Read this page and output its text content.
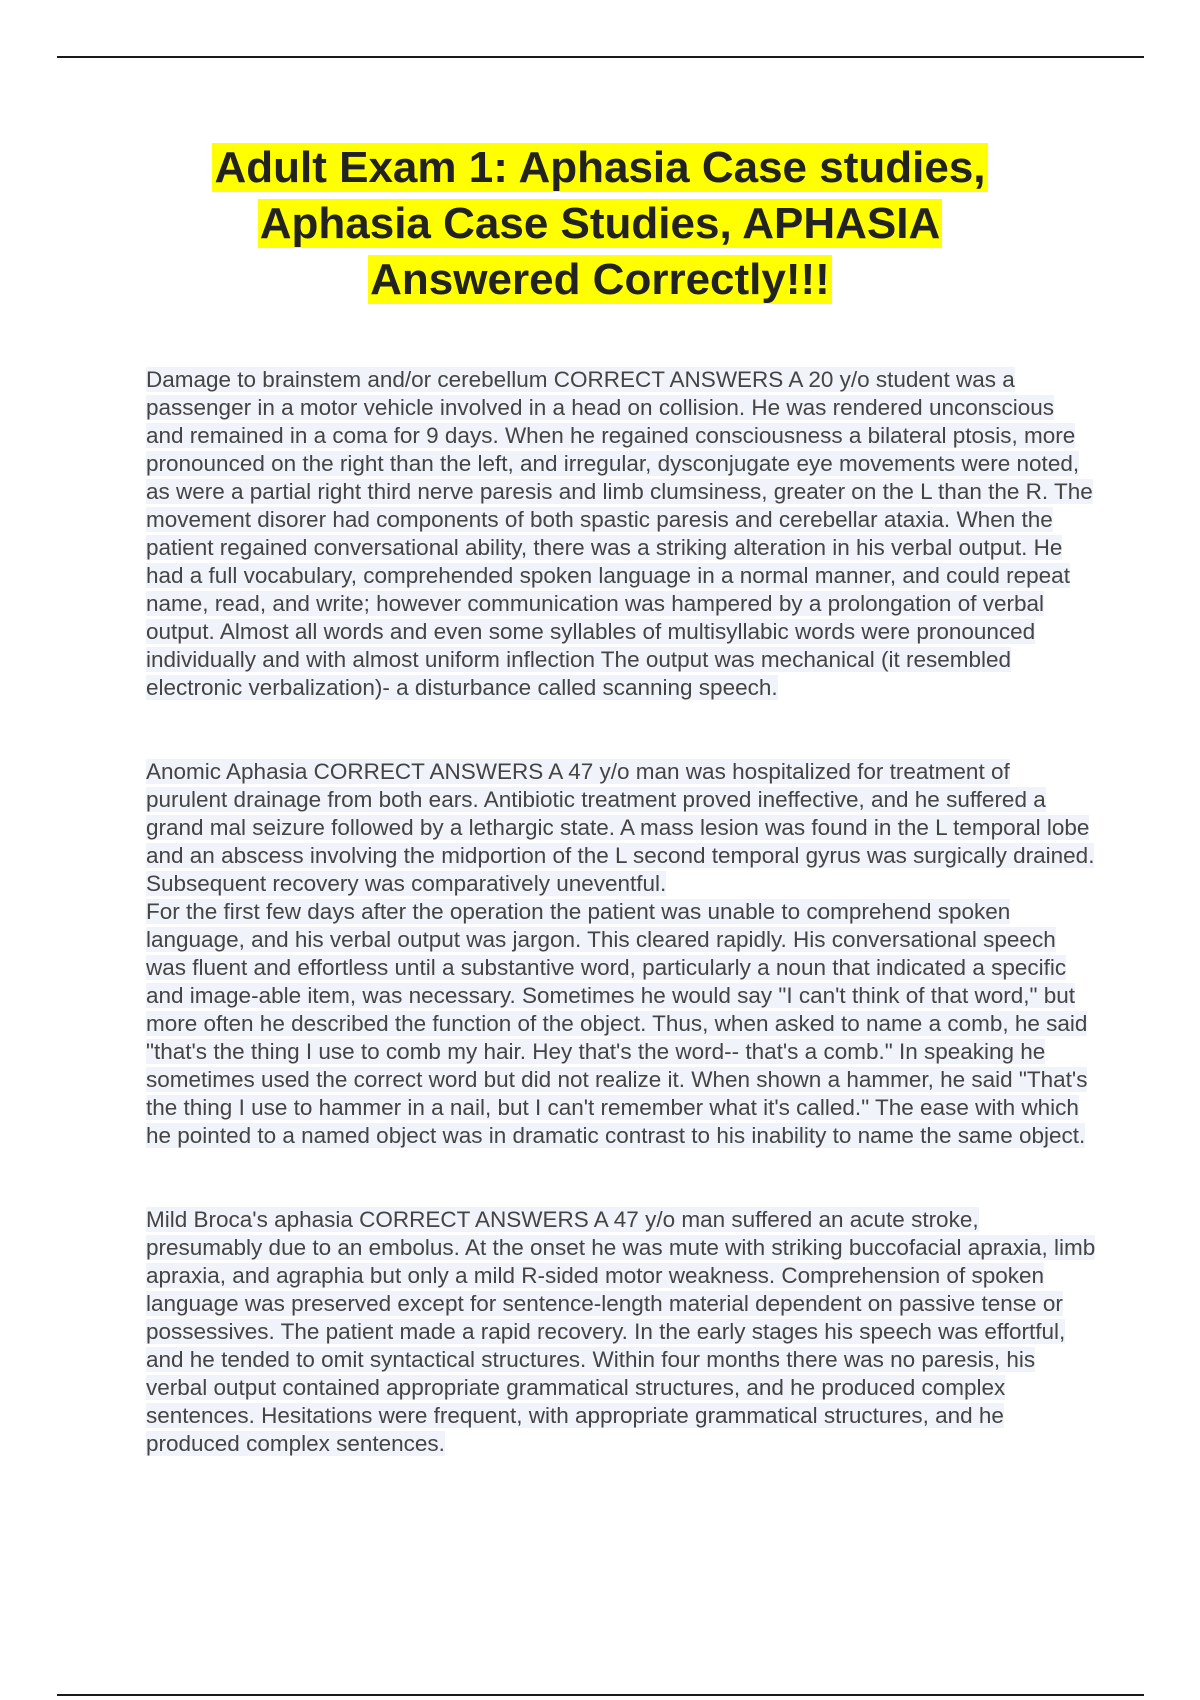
Adult Exam 1: Aphasia Case studies,
Aphasia Case Studies, APHASIA
Answered Correctly!!!

Damage to brainstem and/or cerebellum CORRECT ANSWERS A 20 y/o student was a passenger in a motor vehicle involved in a head on collision. He was rendered unconscious and remained in a coma for 9 days. When he regained consciousness a bilateral ptosis, more pronounced on the right than the left, and irregular, dysconjugate eye movements were noted, as were a partial right third nerve paresis and limb clumsiness, greater on the L than the R. The movement disorer had components of both spastic paresis and cerebellar ataxia. When the patient regained conversational ability, there was a striking alteration in his verbal output. He had a full vocabulary, comprehended spoken language in a normal manner, and could repeat name, read, and write; however communication was hampered by a prolongation of verbal output. Almost all words and even some syllables of multisyllabic words were pronounced individually and with almost uniform inflection The output was mechanical (it resembled electronic verbalization)- a disturbance called scanning speech.

Anomic Aphasia CORRECT ANSWERS A 47 y/o man was hospitalized for treatment of purulent drainage from both ears. Antibiotic treatment proved ineffective, and he suffered a grand mal seizure followed by a lethargic state. A mass lesion was found in the L temporal lobe and an abscess involving the midportion of the L second temporal gyrus was surgically drained. Subsequent recovery was comparatively uneventful.
For the first few days after the operation the patient was unable to comprehend spoken language, and his verbal output was jargon. This cleared rapidly. His conversational speech was fluent and effortless until a substantive word, particularly a noun that indicated a specific and image-able item, was necessary. Sometimes he would say "I can't think of that word," but more often he described the function of the object. Thus, when asked to name a comb, he said "that's the thing I use to comb my hair. Hey that's the word-- that's a comb." In speaking he sometimes used the correct word but did not realize it. When shown a hammer, he said "That's the thing I use to hammer in a nail, but I can't remember what it's called." The ease with which he pointed to a named object was in dramatic contrast to his inability to name the same object.

Mild Broca's aphasia CORRECT ANSWERS A 47 y/o man suffered an acute stroke, presumably due to an embolus. At the onset he was mute with striking buccofacial apraxia, limb apraxia, and agraphia but only a mild R-sided motor weakness. Comprehension of spoken language was preserved except for sentence-length material dependent on passive tense or possessives. The patient made a rapid recovery. In the early stages his speech was effortful, and he tended to omit syntactical structures. Within four months there was no paresis, his verbal output contained appropriate grammatical structures, and he produced complex sentences. Hesitations were frequent, with appropriate grammatical structures, and he produced complex sentences.
